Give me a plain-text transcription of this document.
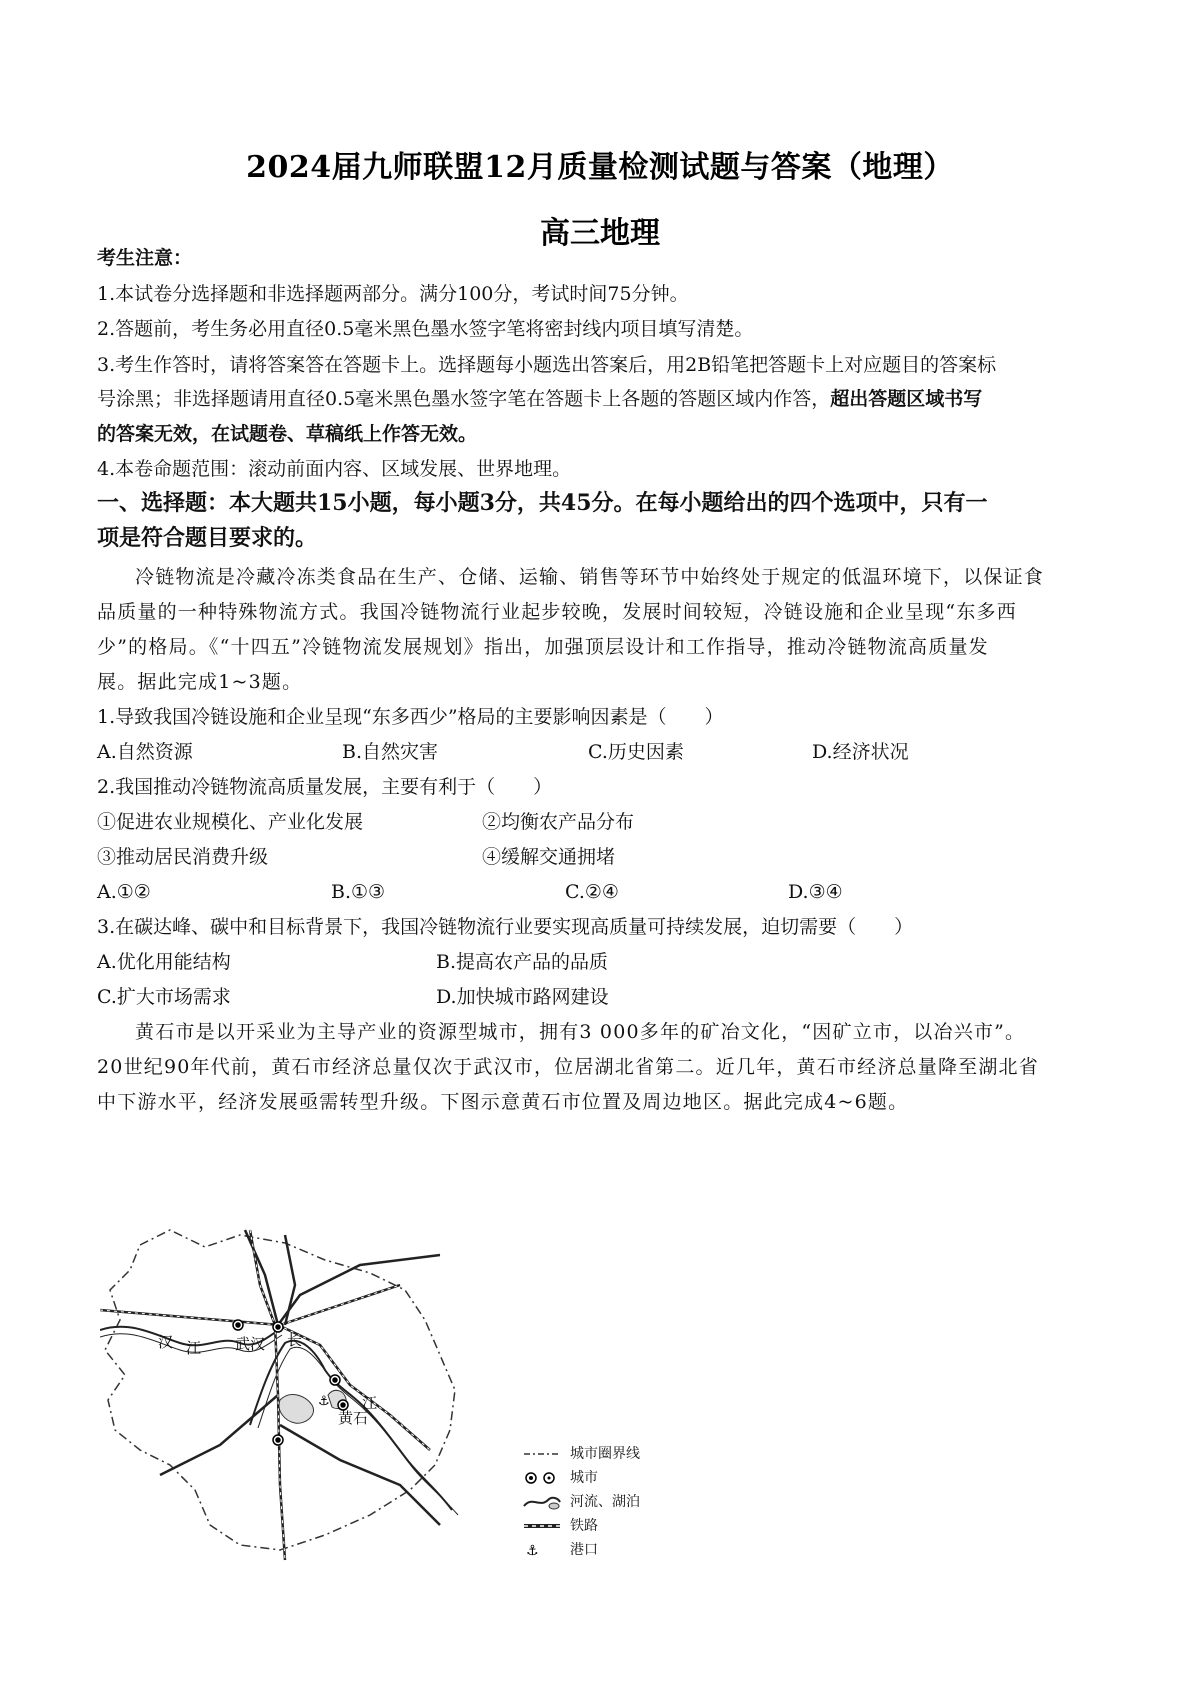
2024届九师联盟12月质量检测试题与答案（地理）
高三地理
考生注意：
1.本试卷分选择题和非选择题两部分。满分100分，考试时间75分钟。
2.答题前，考生务必用直径0.5毫米黑色墨水签字笔将密封线内项目填写清楚。
3.考生作答时，请将答案答在答题卡上。选择题每小题选出答案后，用2B铅笔把答题卡上对应题目的答案标
号涂黑；非选择题请用直径0.5毫米黑色墨水签字笔在答题卡上各题的答题区域内作答，超出答题区域书写
的答案无效，在试题卷、草稿纸上作答无效。
4.本卷命题范围：滚动前面内容、区域发展、世界地理。
一、选择题：本大题共15小题，每小题3分，共45分。在每小题给出的四个选项中，只有一
项是符合题目要求的。
冷链物流是冷藏冷冻类食品在生产、仓储、运输、销售等环节中始终处于规定的低温环境下，以保证食
品质量的一种特殊物流方式。我国冷链物流行业起步较晚，发展时间较短，冷链设施和企业呈现“东多西
少”的格局。《“十四五”冷链物流发展规划》指出，加强顶层设计和工作指导，推动冷链物流高质量发
展。据此完成1~3题。
1.导致我国冷链设施和企业呈现“东多西少”格局的主要影响因素是（　　）
A.自然资源	B.自然灾害	C.历史因素	D.经济状况
2.我国推动冷链物流高质量发展，主要有利于（　　）
①促进农业规模化、产业化发展	②均衡农产品分布
③推动居民消费升级	④缓解交通拥堵
A.①②	B.①③	C.②④	D.③④
3.在碳达峰、碳中和目标背景下，我国冷链物流行业要实现高质量可持续发展，迫切需要（　　）
A.优化用能结构	B.提高农产品的品质
C.扩大市场需求	D.加快城市路网建设
黄石市是以开采业为主导产业的资源型城市，拥有3 000多年的矿冶文化，“因矿立市，以冶兴市”。
20世纪90年代前，黄石市经济总量仅次于武汉市，位居湖北省第二。近几年，黄石市经济总量降至湖北省
中下游水平，经济发展亟需转型升级。下图示意黄石市位置及周边地区。据此完成4~6题。
⚓
汉 江 武汉 长
江
黄石
城市圈界线
城市
河流、湖泊
铁路
⚓ 港口
